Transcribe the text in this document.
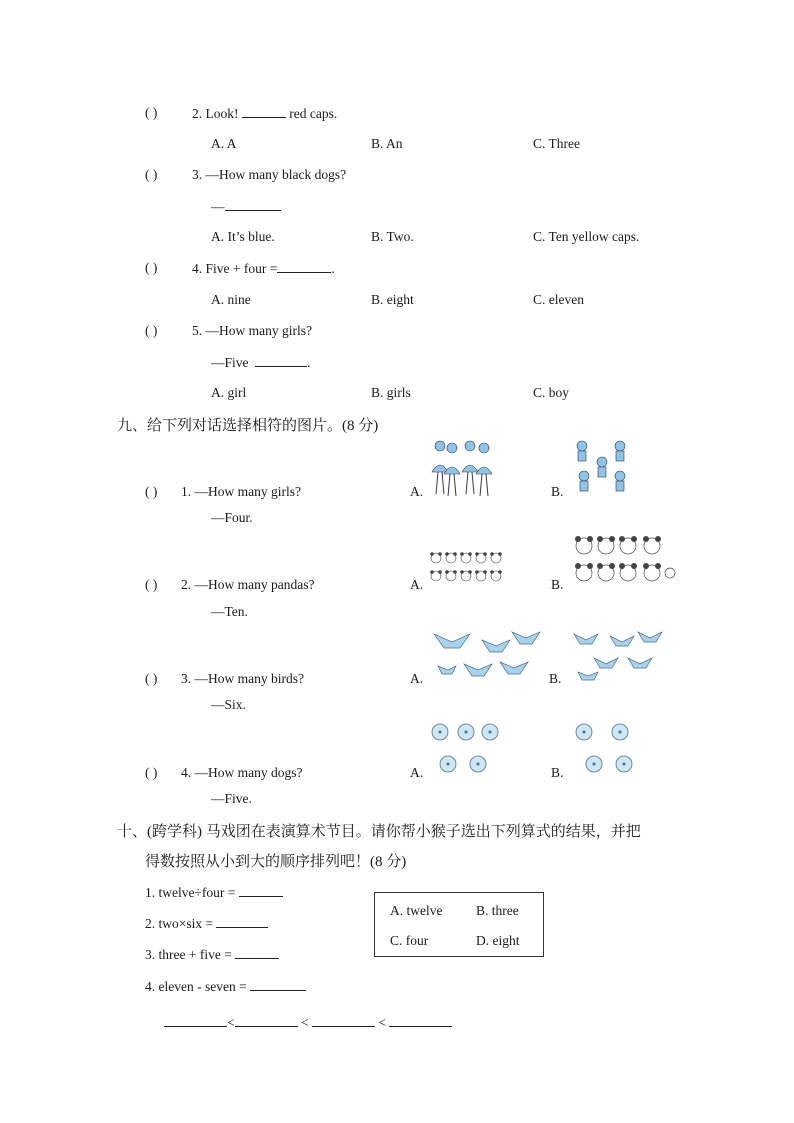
( )	2. Look!	red caps.
A. A	B. An	C. Three
( )	3. —How many black dogs?
—
A. It’s blue.	B. Two.	C. Ten yellow caps.
( )	4. Five + four =	.
A. nine	B. eight	C. eleven
( )	5. —How many girls?
—Five	.
A. girl	B. girls	C. boy
九、给下列对话选择相符的图片。(8 分)
( ) 1. —How many girls?
—Four.
A.	B.
( ) 2. —How many pandas?
—Ten.
A.	B.
( ) 3. —How many birds?
—Six.
A.	B.
( ) 4. —How many dogs?
—Five.
A.	B.
十、(跨学科) 马戏团在表演算术节目。请你帮小猴子选出下列算式的结果，并把
得数按照从小到大的顺序排列吧！(8 分)
1. twelve÷four =
2. two×six =
3. three + five =
4. eleven - seven =
A. twelve B. three
C. four	D. eight
<	<	<
